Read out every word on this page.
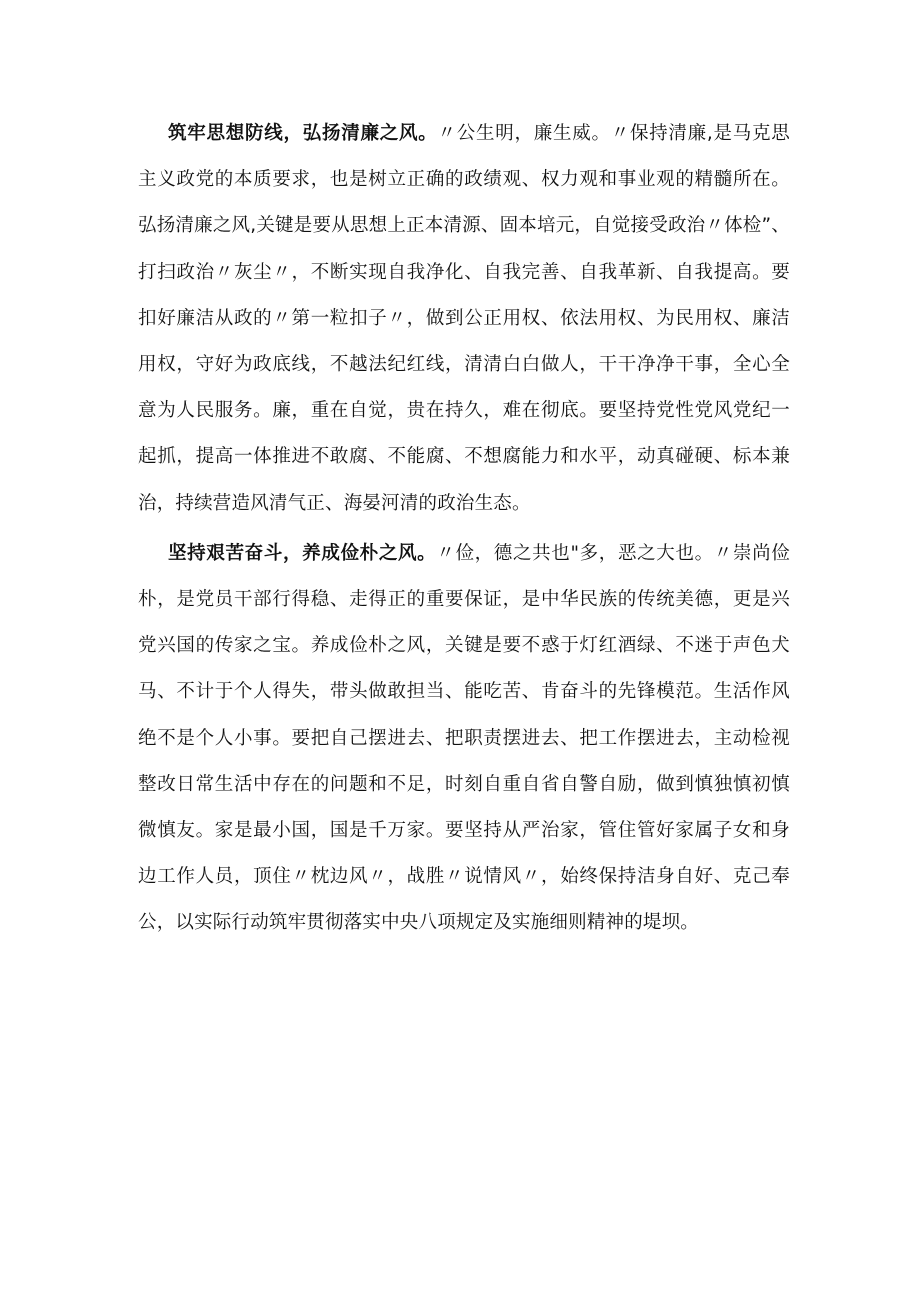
筑牢思想防线，弘扬清廉之风。〃公生明，廉生威。〃保持清廉,是马克思主义政党的本质要求，也是树立正确的政绩观、权力观和事业观的精髓所在。弘扬清廉之风,关键是要从思想上正本清源、固本培元，自觉接受政治〃体检”、打扫政治〃灰尘〃，不断实现自我净化、自我完善、自我革新、自我提高。要扣好廉洁从政的〃第一粒扣子〃，做到公正用权、依法用权、为民用权、廉洁用权，守好为政底线，不越法纪红线，清清白白做人，干干净净干事，全心全意为人民服务。廉，重在自觉，贵在持久，难在彻底。要坚持党性党风党纪一起抓，提高一体推进不敢腐、不能腐、不想腐能力和水平，动真碰硬、标本兼治，持续营造风清气正、海晏河清的政治生态。

坚持艰苦奋斗，养成俭朴之风。〃俭，德之共也"多，恶之大也。〃崇尚俭朴，是党员干部行得稳、走得正的重要保证，是中华民族的传统美德，更是兴党兴国的传家之宝。养成俭朴之风，关键是要不惑于灯红酒绿、不迷于声色犬马、不计于个人得失，带头做敢担当、能吃苦、肯奋斗的先锋模范。生活作风绝不是个人小事。要把自己摆进去、把职责摆进去、把工作摆进去，主动检视整改日常生活中存在的问题和不足，时刻自重自省自警自励，做到慎独慎初慎微慎友。家是最小国，国是千万家。要坚持从严治家，管住管好家属子女和身边工作人员，顶住〃枕边风〃，战胜〃说情风〃，始终保持洁身自好、克己奉公，以实际行动筑牢贯彻落实中央八项规定及实施细则精神的堤坝。
